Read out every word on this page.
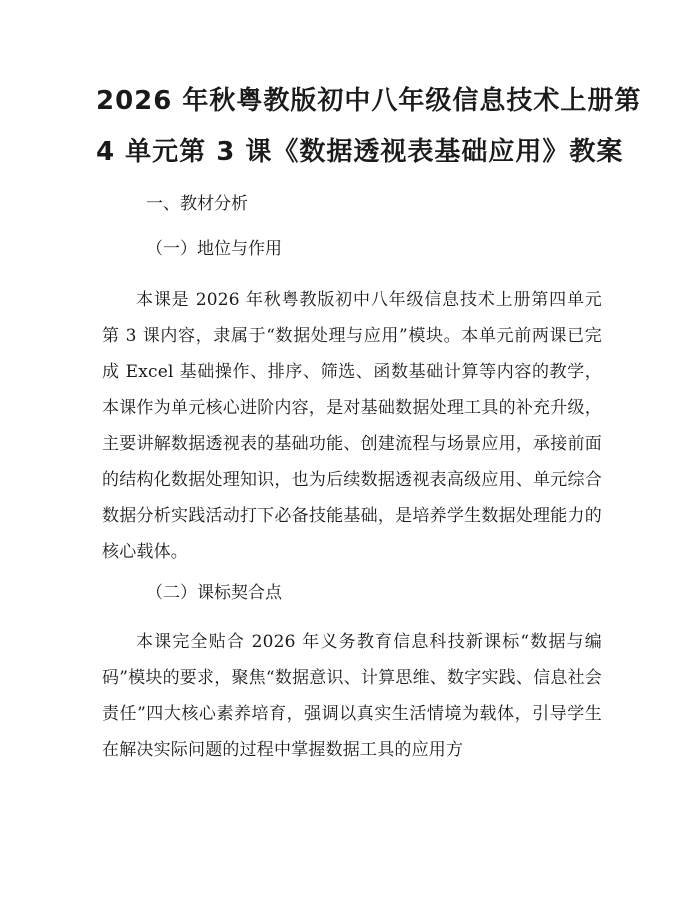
2026 年秋粤教版初中八年级信息技术上册第
4 单元第 3 课《数据透视表基础应用》教案
一、教材分析
（一）地位与作用
本课是 2026 年秋粤教版初中八年级信息技术上册第四单元第 3 课内容，隶属于“数据处理与应用”模块。本单元前两课已完成 Excel 基础操作、排序、筛选、函数基础计算等内容的教学，本课作为单元核心进阶内容，是对基础数据处理工具的补充升级，主要讲解数据透视表的基础功能、创建流程与场景应用，承接前面的结构化数据处理知识，也为后续数据透视表高级应用、单元综合数据分析实践活动打下必备技能基础，是培养学生数据处理能力的核心载体。
（二）课标契合点
本课完全贴合 2026 年义务教育信息科技新课标“数据与编码”模块的要求，聚焦“数据意识、计算思维、数字实践、信息社会责任”四大核心素养培育，强调以真实生活情境为载体，引导学生在解决实际问题的过程中掌握数据工具的应用方
